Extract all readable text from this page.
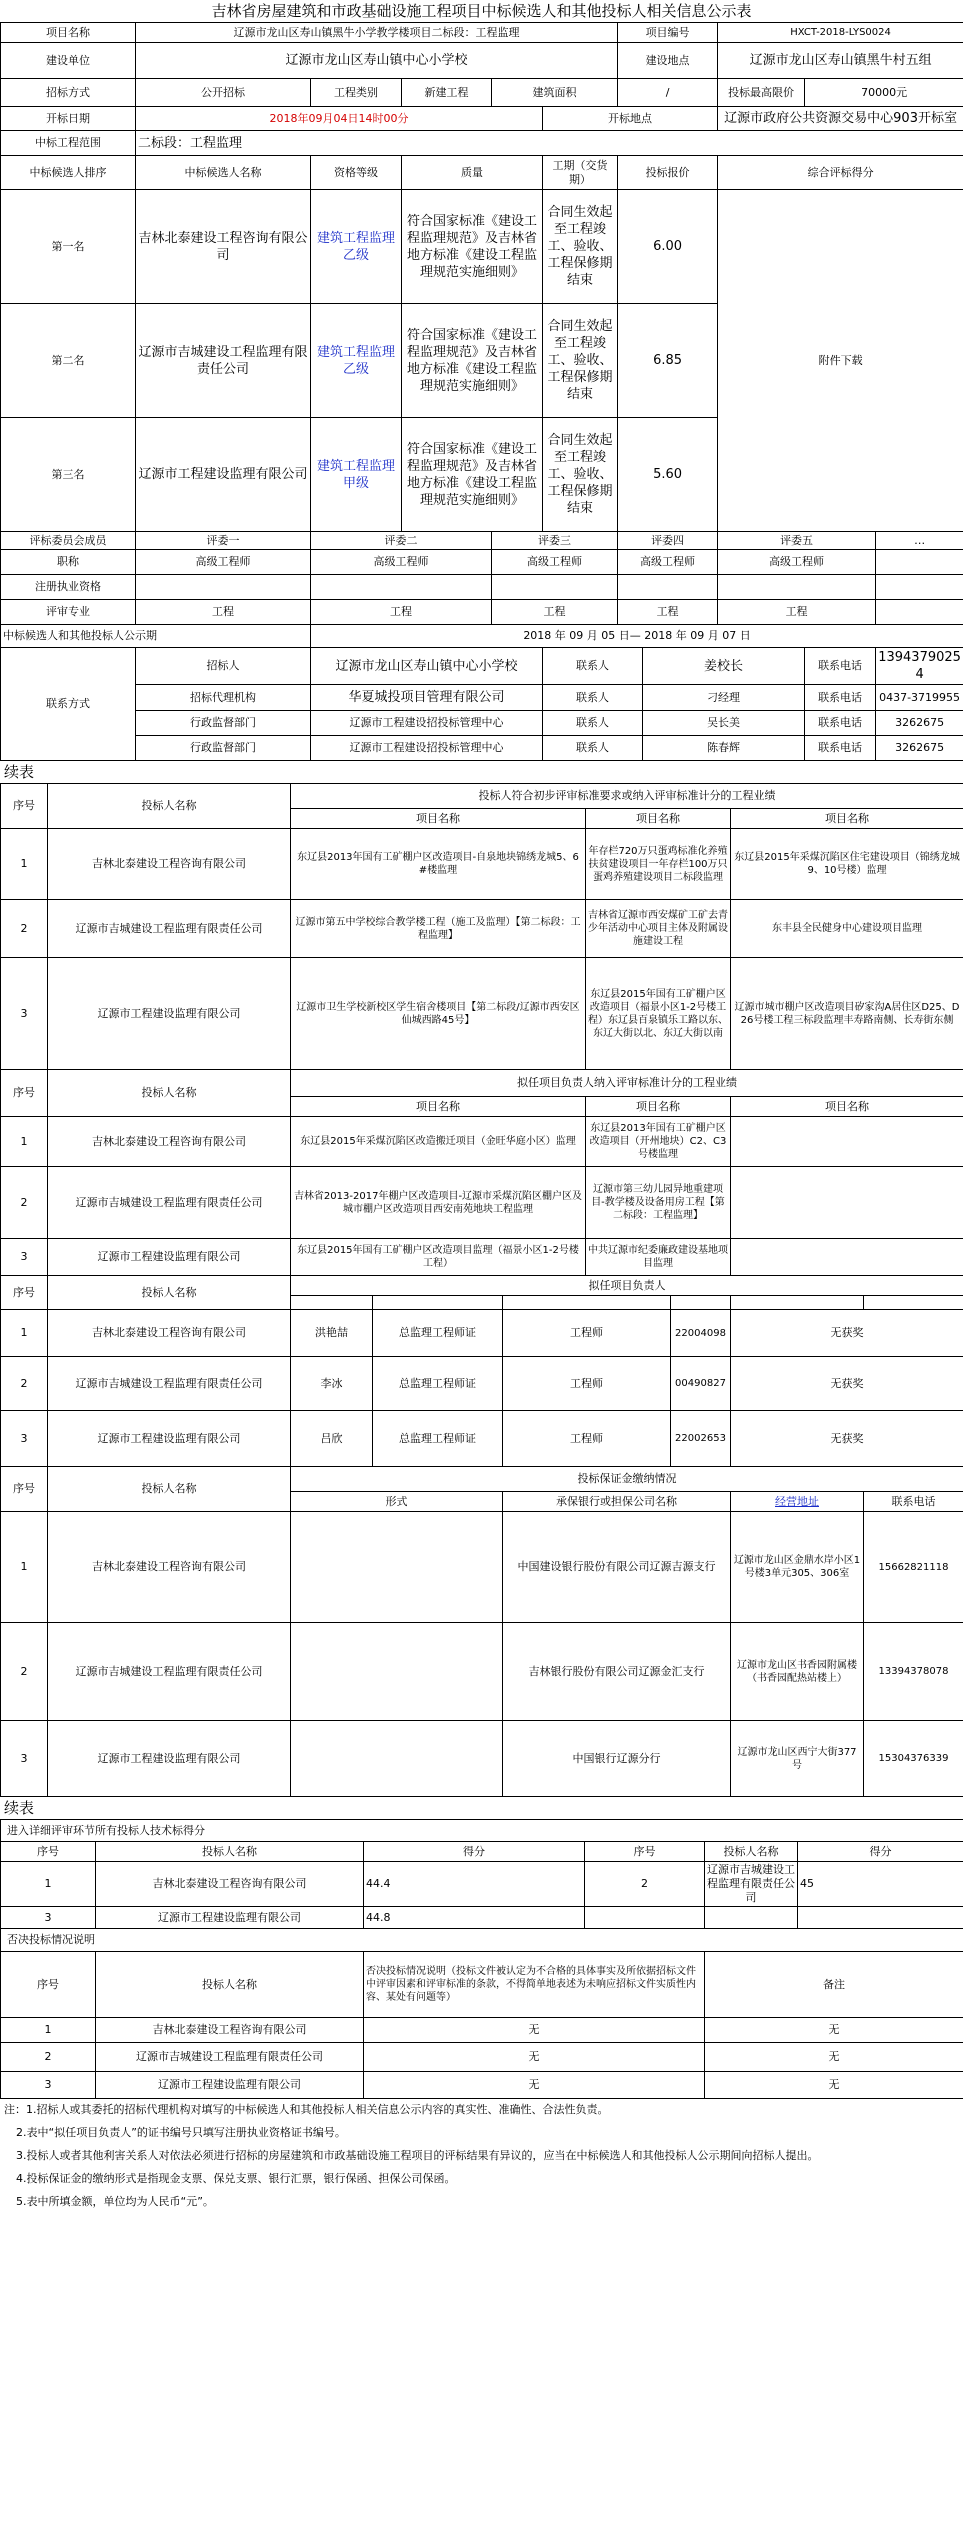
吉林省房屋建筑和市政基础设施工程项目中标候选人和其他投标人相关信息公示表
项目名称	辽源市龙山区寿山镇黑牛小学教学楼项目二标段：工程监理					项目编号		HXCT-2018-LYS0024		
建设单位	辽源市龙山区寿山镇中心小学校					建设地点		辽源市龙山区寿山镇黑牛村五组		
招标方式	公开招标	工程类别	新建工程	建筑面积		/		投标最高限价	70000元	
开标日期	2018年09月04日14时00分				开标地点			辽源市政府公共资源交易中心903开标室		
中标工程范围	二标段：工程监理									
中标候选人排序	中标候选人名称	资格等级	质量		工期（交货期）	投标报价		综合评标得分		
第一名	吉林北泰建设工程咨询有限公司	建筑工程监理乙级	符合国家标准《建设工程监理规范》及吉林省地方标准《建设工程监理规范实施细则》		合同生效起至工程竣工、验收、工程保修期结束	6.00		附件下载		
第二名	辽源市吉城建设工程监理有限责任公司	建筑工程监理乙级	符合国家标准《建设工程监理规范》及吉林省地方标准《建设工程监理规范实施细则》		合同生效起至工程竣工、验收、工程保修期结束	6.85				
第三名	辽源市工程建设监理有限公司	建筑工程监理甲级	符合国家标准《建设工程监理规范》及吉林省地方标准《建设工程监理规范实施细则》		合同生效起至工程竣工、验收、工程保修期结束	5.60				
评标委员会成员	评委一	评委二		评委三		评委四		评委五		…
职称	高级工程师	高级工程师		高级工程师		高级工程师		高级工程师		
注册执业资格										
评审专业	工程	工程		工程		工程		工程		
中标候选人和其他投标人公示期		2018 年 09 月 05 日— 2018 年 09 月 07 日								
联系方式	招标人	辽源市龙山区寿山镇中心小学校			联系人		姜校长		联系电话	13943790254
	招标代理机构	华夏城投项目管理有限公司			联系人		刁经理		联系电话	0437-3719955
	行政监督部门	辽源市工程建设招投标管理中心			联系人		吴长美		联系电话	3262675
	行政监督部门	辽源市工程建设招投标管理中心			联系人		陈春辉		联系电话	3262675
续表
序号	投标人名称	投标人符合初步评审标准要求或纳入评审标准计分的工程业绩						
		项目名称			项目名称		项目名称	
1	吉林北泰建设工程咨询有限公司	东辽县2013年国有工矿棚户区改造项目-自泉地块锦绣龙城5、6#楼监理			年存栏720万只蛋鸡标准化养殖扶贫建设项目一年存栏100万只蛋鸡养殖建设项目二标段监理		东辽县2015年采煤沉陷区住宅建设项目（锦绣龙城9、10号楼）监理	
2	辽源市吉城建设工程监理有限责任公司	辽源市第五中学校综合教学楼工程（施工及监理）【第二标段：工程监理】			吉林省辽源市西安煤矿工矿去青少年活动中心项目主体及附属设施建设工程		东丰县全民健身中心建设项目监理	
3	辽源市工程建设监理有限公司	辽源市卫生学校新校区学生宿舍楼项目【第二标段/辽源市西安区仙城西路45号】			东辽县2015年国有工矿棚户区改造项目（福景小区1-2号楼工程）东辽县百泉镇乐工路以东、东辽大街以北、东辽大街以南		辽源市城市棚户区改造项目矽家沟A居住区D25、D26号楼工程三标段监理丰寿路南侧、长寿街东侧	
序号	投标人名称	拟任项目负责人纳入评审标准计分的工程业绩						
		项目名称			项目名称		项目名称	
1	吉林北泰建设工程咨询有限公司	东辽县2015年采煤沉陷区改造搬迁项目（金旺华庭小区）监理			东辽县2013年国有工矿棚户区改造项目（开州地块）C2、C3号楼监理			
2	辽源市吉城建设工程监理有限责任公司	吉林省2013-2017年棚户区改造项目-辽源市采煤沉陷区棚户区及城市棚户区改造项目西安南苑地块工程监理			辽源市第三幼儿园异地重建项目-教学楼及设备用房工程【第二标段：工程监理】			
3	辽源市工程建设监理有限公司	东辽县2015年国有工矿棚户区改造项目监理（福景小区1-2号楼工程）			中共辽源市纪委廉政建设基地项目监理			
序号	投标人名称	拟任项目负责人						

1	吉林北泰建设工程咨询有限公司	洪艳喆	总监理工程师证	工程师		22004098	无获奖	
2	辽源市吉城建设工程监理有限责任公司	李冰	总监理工程师证	工程师		00490827	无获奖	
3	辽源市工程建设监理有限公司	吕欣	总监理工程师证	工程师		22002653	无获奖	
序号	投标人名称	投标保证金缴纳情况						
		形式		承保银行或担保公司名称			经营地址	联系电话
1	吉林北泰建设工程咨询有限公司			中国建设银行股份有限公司辽源吉源支行			辽源市龙山区金鼎水岸小区1号楼3单元305、306室	15662821118
2	辽源市吉城建设工程监理有限责任公司			吉林银行股份有限公司辽源金汇支行			辽源市龙山区书香园附属楼（书香园配热站楼上）	13394378078
3	辽源市工程建设监理有限公司			中国银行辽源分行			辽源市龙山区西宁大街377号	15304376339
续表
进入详细评审环节所有投标人技术标得分					
序号	投标人名称	得分	序号	投标人名称	得分
1	吉林北泰建设工程咨询有限公司	44.4	2	辽源市吉城建设工程监理有限责任公司	45
3	辽源市工程建设监理有限公司	44.8			
否决投标情况说明					
序号	投标人名称	否决投标情况说明（投标文件被认定为不合格的具体事实及所依据招标文件中评审因素和评审标准的条款，不得简单地表述为未响应招标文件实质性内容、某处有问题等）		备注	
1	吉林北泰建设工程咨询有限公司	无		无	
2	辽源市吉城建设工程监理有限责任公司	无		无	
3	辽源市工程建设监理有限公司	无		无	
注：1.招标人或其委托的招标代理机构对填写的中标候选人和其他投标人相关信息公示内容的真实性、准确性、合法性负责。
2.表中“拟任项目负责人”的证书编号只填写注册执业资格证书编号。
3.投标人或者其他利害关系人对依法必须进行招标的房屋建筑和市政基础设施工程项目的评标结果有异议的，应当在中标候选人和其他投标人公示期间向招标人提出。
4.投标保证金的缴纳形式是指现金支票、保兑支票、银行汇票，银行保函、担保公司保函。
5.表中所填金额，单位均为人民币“元”。
